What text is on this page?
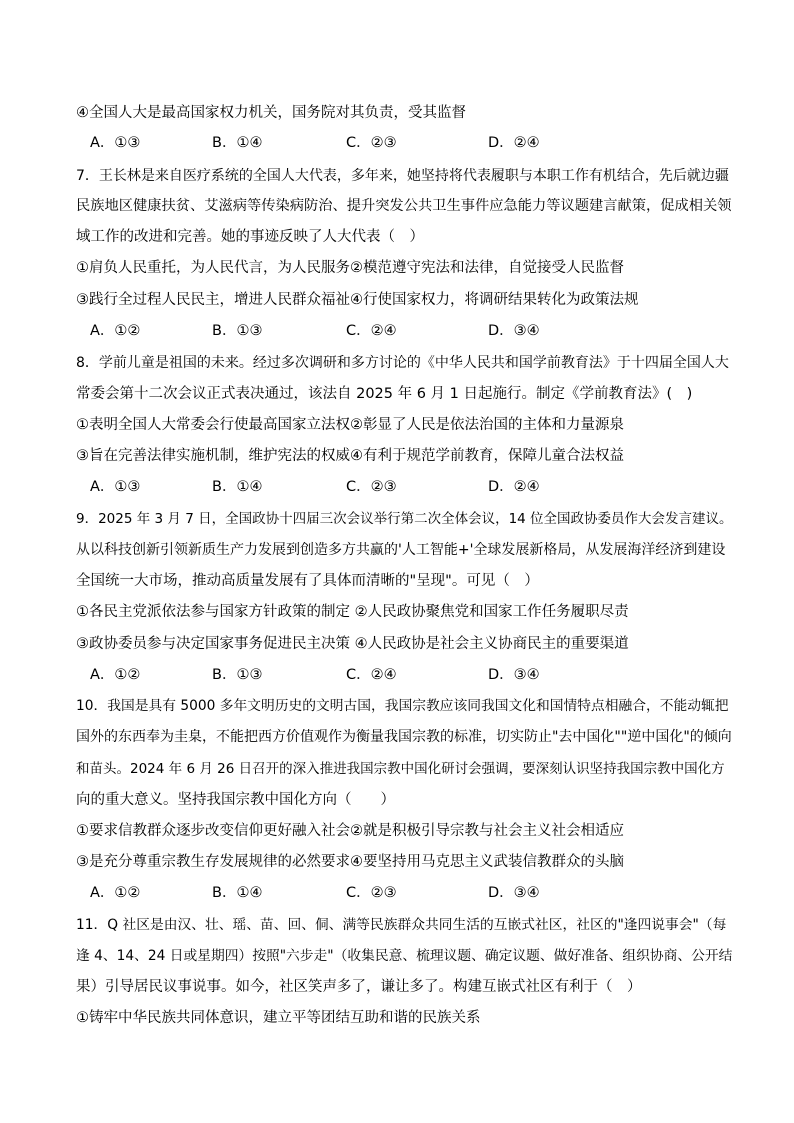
④全国人大是最高国家权力机关，国务院对其负责，受其监督
A．①③	B．①④	C．②③	D．②④
7．王长林是来自医疗系统的全国人大代表，多年来，她坚持将代表履职与本职工作有机结合，先后就边疆
民族地区健康扶贫、艾滋病等传染病防治、提升突发公共卫生事件应急能力等议题建言献策，促成相关领
域工作的改进和完善。她的事迹反映了人大代表（　）
①肩负人民重托，为人民代言，为人民服务②模范遵守宪法和法律，自觉接受人民监督
③践行全过程人民民主，增进人民群众福祉④行使国家权力，将调研结果转化为政策法规
A．①②	B．①③	C．②④	D．③④
8．学前儿童是祖国的未来。经过多次调研和多方讨论的《中华人民共和国学前教育法》于十四届全国人大
常委会第十二次会议正式表决通过，该法自 2025 年 6 月 1 日起施行。制定《学前教育法》(　)
①表明全国人大常委会行使最高国家立法权②彰显了人民是依法治国的主体和力量源泉
③旨在完善法律实施机制，维护宪法的权威④有利于规范学前教育，保障儿童合法权益
A．①③	B．①④	C．②③	D．②④
9．2025 年 3 月 7 日，全国政协十四届三次会议举行第二次全体会议，14 位全国政协委员作大会发言建议。
从以科技创新引领新质生产力发展到创造多方共赢的'人工智能+'全球发展新格局，从发展海洋经济到建设
全国统一大市场，推动高质量发展有了具体而清晰的"呈现"。可见（　）
①各民主党派依法参与国家方针政策的制定 ②人民政协聚焦党和国家工作任务履职尽责
③政协委员参与决定国家事务促进民主决策 ④人民政协是社会主义协商民主的重要渠道
A．①②	B．①③	C．②④	D．③④
10．我国是具有 5000 多年文明历史的文明古国，我国宗教应该同我国文化和国情特点相融合，不能动辄把
国外的东西奉为圭臬，不能把西方价值观作为衡量我国宗教的标准，切实防止"去中国化""逆中国化"的倾向
和苗头。2024 年 6 月 26 日召开的深入推进我国宗教中国化研讨会强调，要深刻认识坚持我国宗教中国化方
向的重大意义。坚持我国宗教中国化方向（　　）
①要求信教群众逐步改变信仰更好融入社会②就是积极引导宗教与社会主义社会相适应
③是充分尊重宗教生存发展规律的必然要求④要坚持用马克思主义武装信教群众的头脑
A．①②	B．①④	C．②③	D．③④
11．Q 社区是由汉、壮、瑶、苗、回、侗、满等民族群众共同生活的互嵌式社区，社区的"逢四说事会"（每
逢 4、14、24 日或星期四）按照"六步走"（收集民意、梳理议题、确定议题、做好准备、组织协商、公开结
果）引导居民议事说事。如今，社区笑声多了，谦让多了。构建互嵌式社区有利于（　）
①铸牢中华民族共同体意识，建立平等团结互助和谐的民族关系
